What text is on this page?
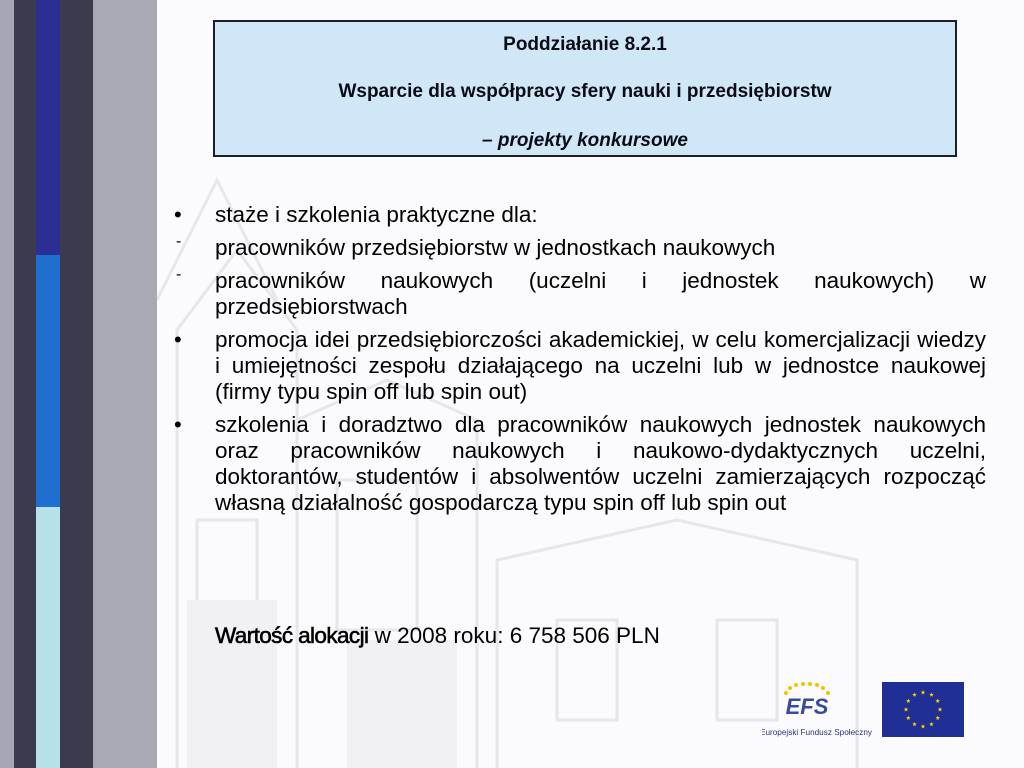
Poddziałanie 8.2.1
Wsparcie dla współpracy sfery nauki i przedsiębiorstw
– projekty konkursowe
•	staże i szkolenia praktyczne dla:
-	pracowników przedsiębiorstw w jednostkach naukowych
-	pracowników naukowych (uczelni i jednostek naukowych) w przedsiębiorstwach
•	promocja idei przedsiębiorczości akademickiej, w celu komercjalizacji wiedzy i umiejętności zespołu działającego na uczelni lub w jednostce naukowej (firmy typu spin off lub spin out)
•	szkolenia i doradztwo dla pracowników naukowych jednostek naukowych oraz pracowników naukowych i naukowo-dydaktycznych uczelni, doktorantów, studentów i absolwentów uczelni zamierzających rozpocząć własną działalność gospodarczą typu spin off lub spin out
Wartość alokacji w 2008 roku: 6 758 506 PLN
EFS
Europejski Fundusz Społeczny
